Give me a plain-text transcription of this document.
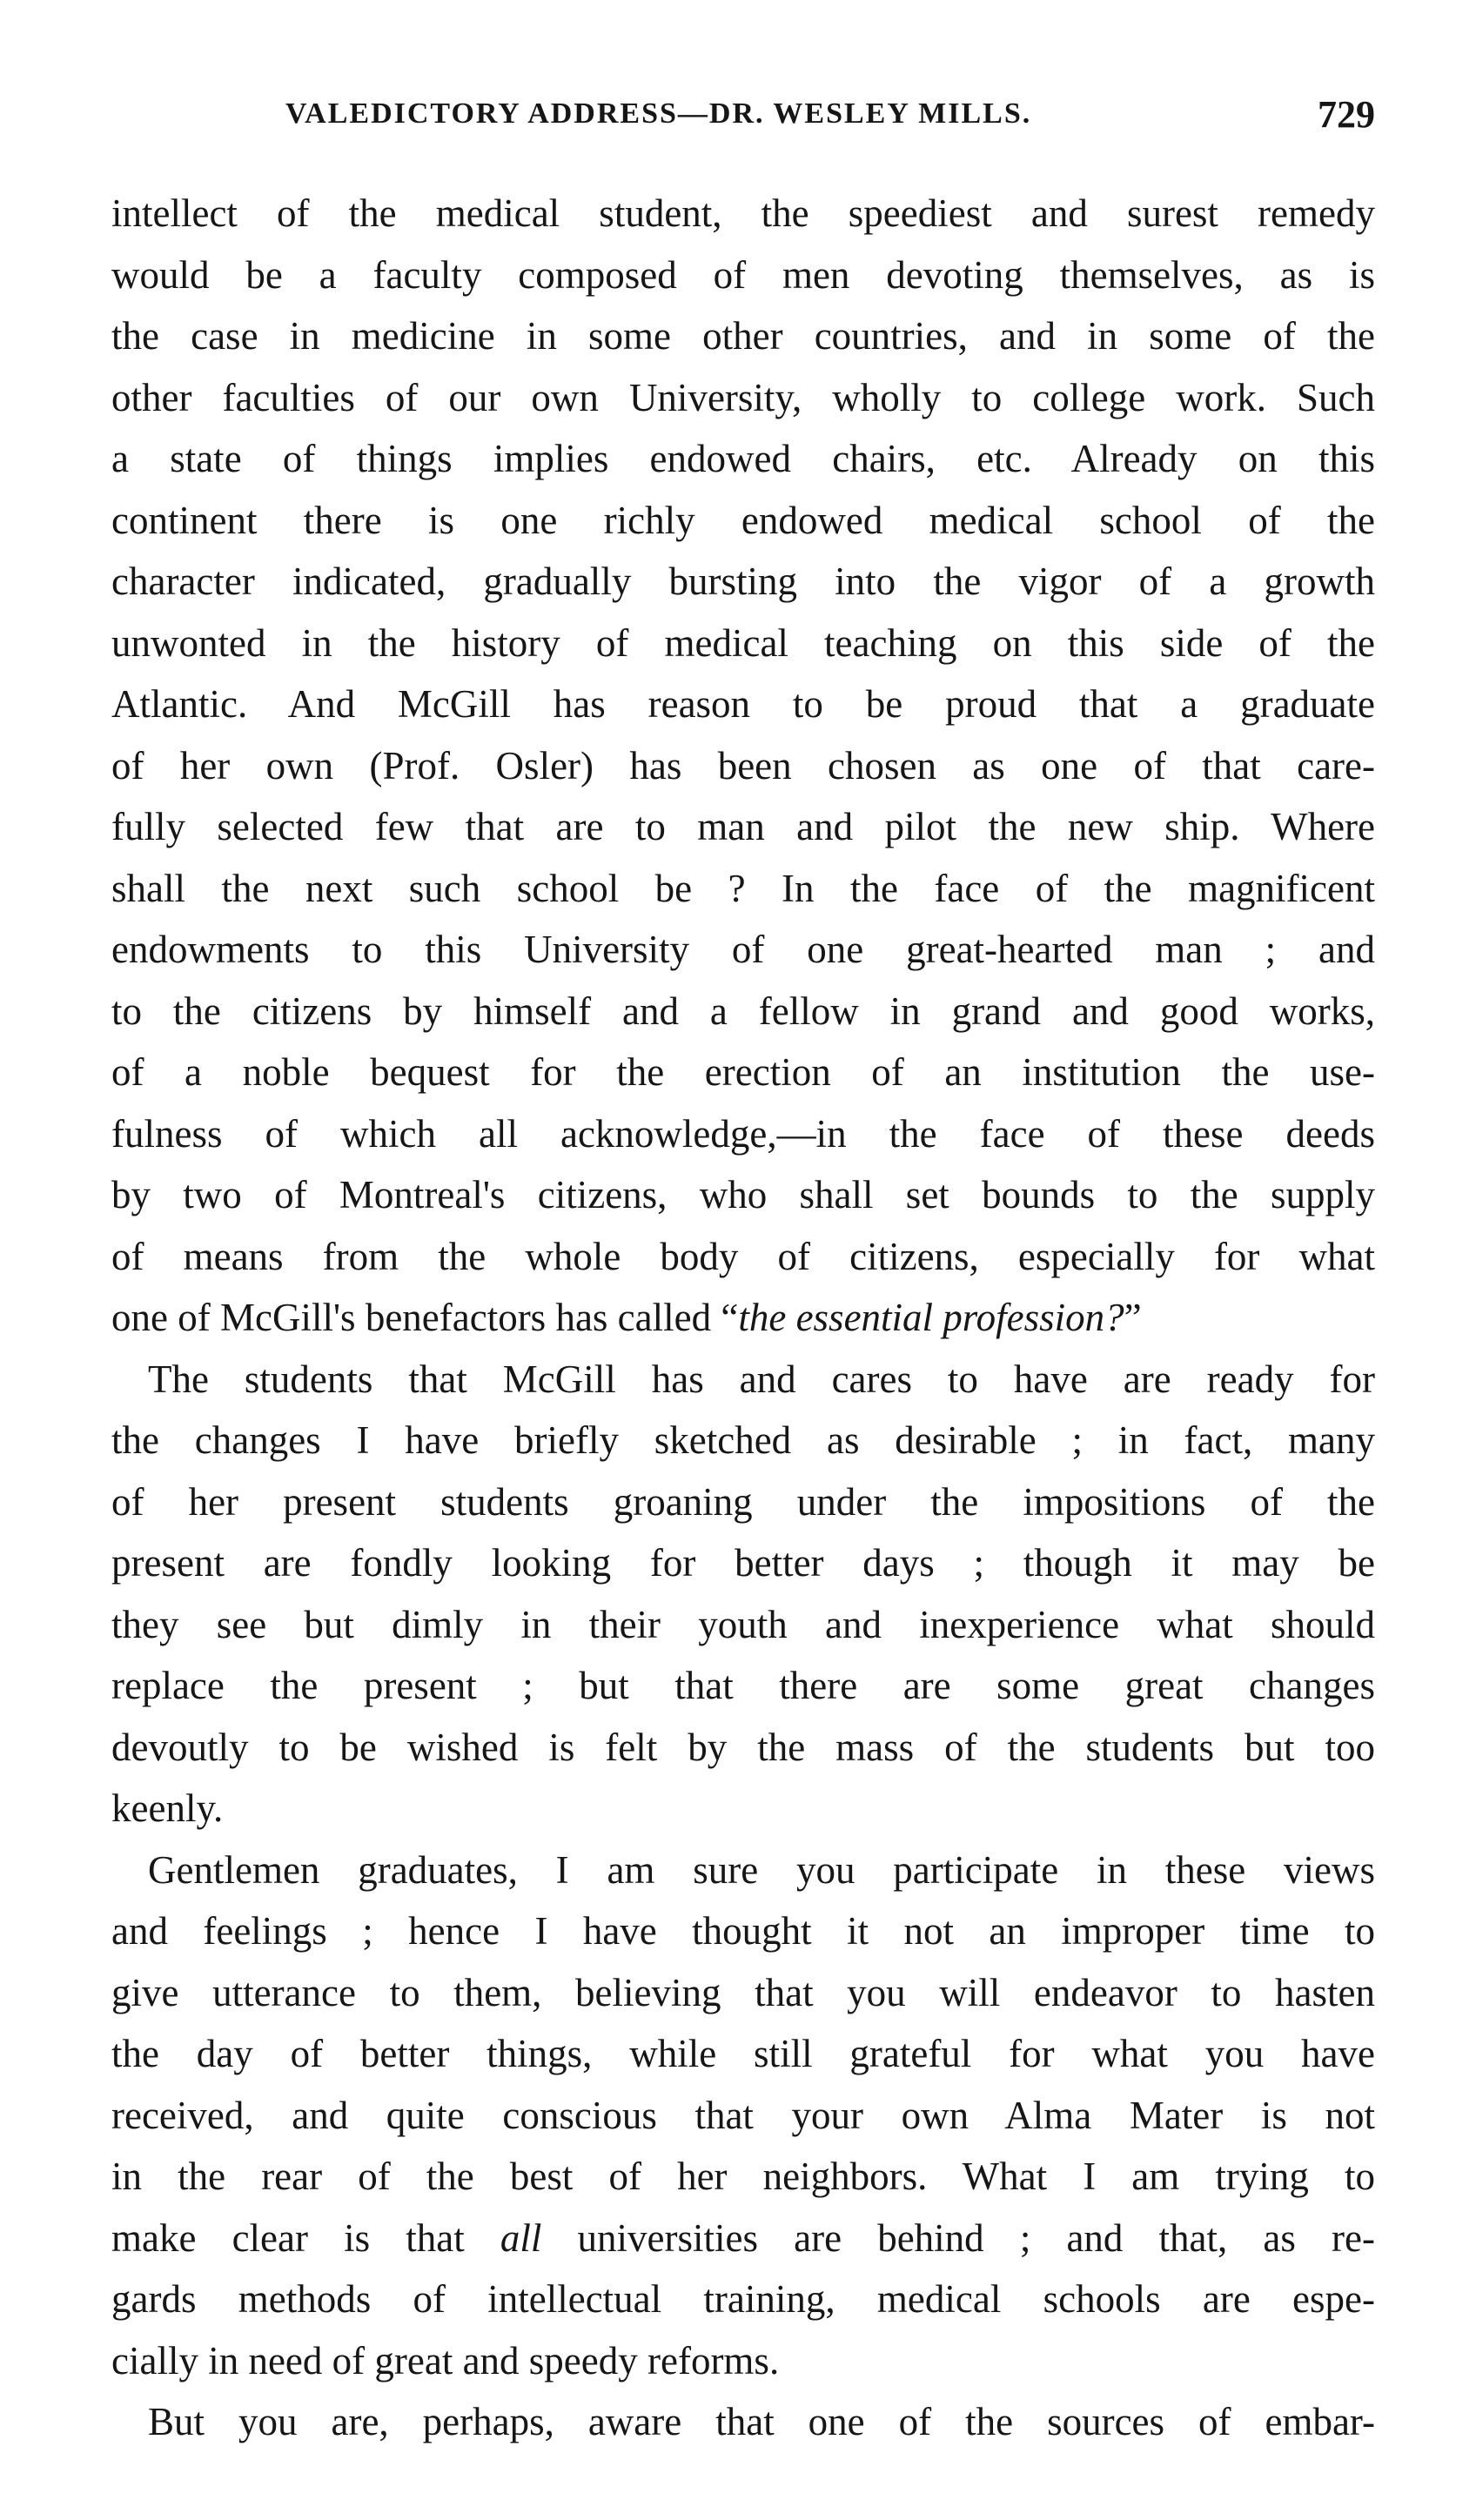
VALEDICTORY ADDRESS—DR. WESLEY MILLS.	729
intellect of the medical student, the speediest and surest remedy
would be a faculty composed of men devoting themselves, as is
the case in medicine in some other countries, and in some of the
other faculties of our own University, wholly to college work. Such
a state of things implies endowed chairs, etc. Already on this
continent there is one richly endowed medical school of the
character indicated, gradually bursting into the vigor of a growth
unwonted in the history of medical teaching on this side of the
Atlantic. And McGill has reason to be proud that a graduate
of her own (Prof. Osler) has been chosen as one of that care-
fully selected few that are to man and pilot the new ship. Where
shall the next such school be ? In the face of the magnificent
endowments to this University of one great-hearted man ; and
to the citizens by himself and a fellow in grand and good works,
of a noble bequest for the erection of an institution the use-
fulness of which all acknowledge,—in the face of these deeds
by two of Montreal's citizens, who shall set bounds to the supply
of means from the whole body of citizens, especially for what
one of McGill's benefactors has called “the essential profession?”
The students that McGill has and cares to have are ready for
the changes I have briefly sketched as desirable ; in fact, many
of her present students groaning under the impositions of the
present are fondly looking for better days ; though it may be
they see but dimly in their youth and inexperience what should
replace the present ; but that there are some great changes
devoutly to be wished is felt by the mass of the students but too
keenly.
Gentlemen graduates, I am sure you participate in these views
and feelings ; hence I have thought it not an improper time to
give utterance to them, believing that you will endeavor to hasten
the day of better things, while still grateful for what you have
received, and quite conscious that your own Alma Mater is not
in the rear of the best of her neighbors. What I am trying to
make clear is that all universities are behind ; and that, as re-
gards methods of intellectual training, medical schools are espe-
cially in need of great and speedy reforms.
But you are, perhaps, aware that one of the sources of embar-
